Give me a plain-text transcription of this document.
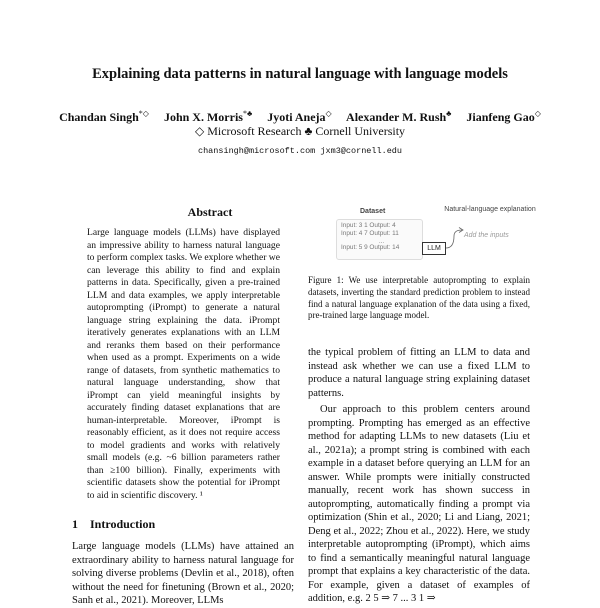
Explaining data patterns in natural language with language models
Chandan Singh*◇ John X. Morris*♣ Jyoti Aneja◇ Alexander M. Rush♣ Jianfeng Gao◇
◇ Microsoft Research ♣ Cornell University
chansingh@microsoft.com jxm3@cornell.edu
Abstract
Large language models (LLMs) have displayed an impressive ability to harness natural language to perform complex tasks. We explore whether we can leverage this ability to find and explain patterns in data. Specifically, given a pre-trained LLM and data examples, we apply interpretable autoprompting (iPrompt) to generate a natural language string explaining the data. iPrompt iteratively generates explanations with an LLM and reranks them based on their performance when used as a prompt. Experiments on a wide range of datasets, from synthetic mathematics to natural language understanding, show that iPrompt can yield meaningful insights by accurately finding dataset explanations that are human-interpretable. Moreover, iPrompt is reasonably efficient, as it does not require access to model gradients and works with relatively small models (e.g. ~6 billion parameters rather than ≥100 billion). Finally, experiments with scientific datasets show the potential for iPrompt to aid in scientific discovery. ¹
Dataset
Input: 3 1 Output: 4
Input: 4 7 Output: 11
...
Input: 5 9 Output: 14	LLM
Natural-language explanation
Add the inputs
Figure 1: We use interpretable autoprompting to explain datasets, inverting the standard prediction problem to instead find a natural language explanation of the data using a fixed, pre-trained large language model.

the typical problem of fitting an LLM to data and instead ask whether we can use a fixed LLM to produce a natural language string explaining dataset patterns.

Our approach to this problem centers around prompting. Prompting has emerged as an effective method for adapting LLMs to new datasets (Liu et al., 2021a); a prompt string is combined with each example in a dataset before querying an LLM for an answer. While prompts were initially constructed manually, recent work has shown success in autoprompting, automatically finding a prompt via optimization (Shin et al., 2020; Li and Liang, 2021; Deng et al., 2022; Zhou et al., 2022). Here, we study interpretable autoprompting (iPrompt), which aims to find a semantically meaningful natural language prompt that explains a key characteristic of the data. For example, given a dataset of examples of addition, e.g. 2 5 ⇒ 7 ... 3 1 ⇒

1 Introduction
Large language models (LLMs) have attained an extraordinary ability to harness natural language for solving diverse problems (Devlin et al., 2018), often without the need for finetuning (Brown et al., 2020; Sanh et al., 2021). Moreover, LLMs
